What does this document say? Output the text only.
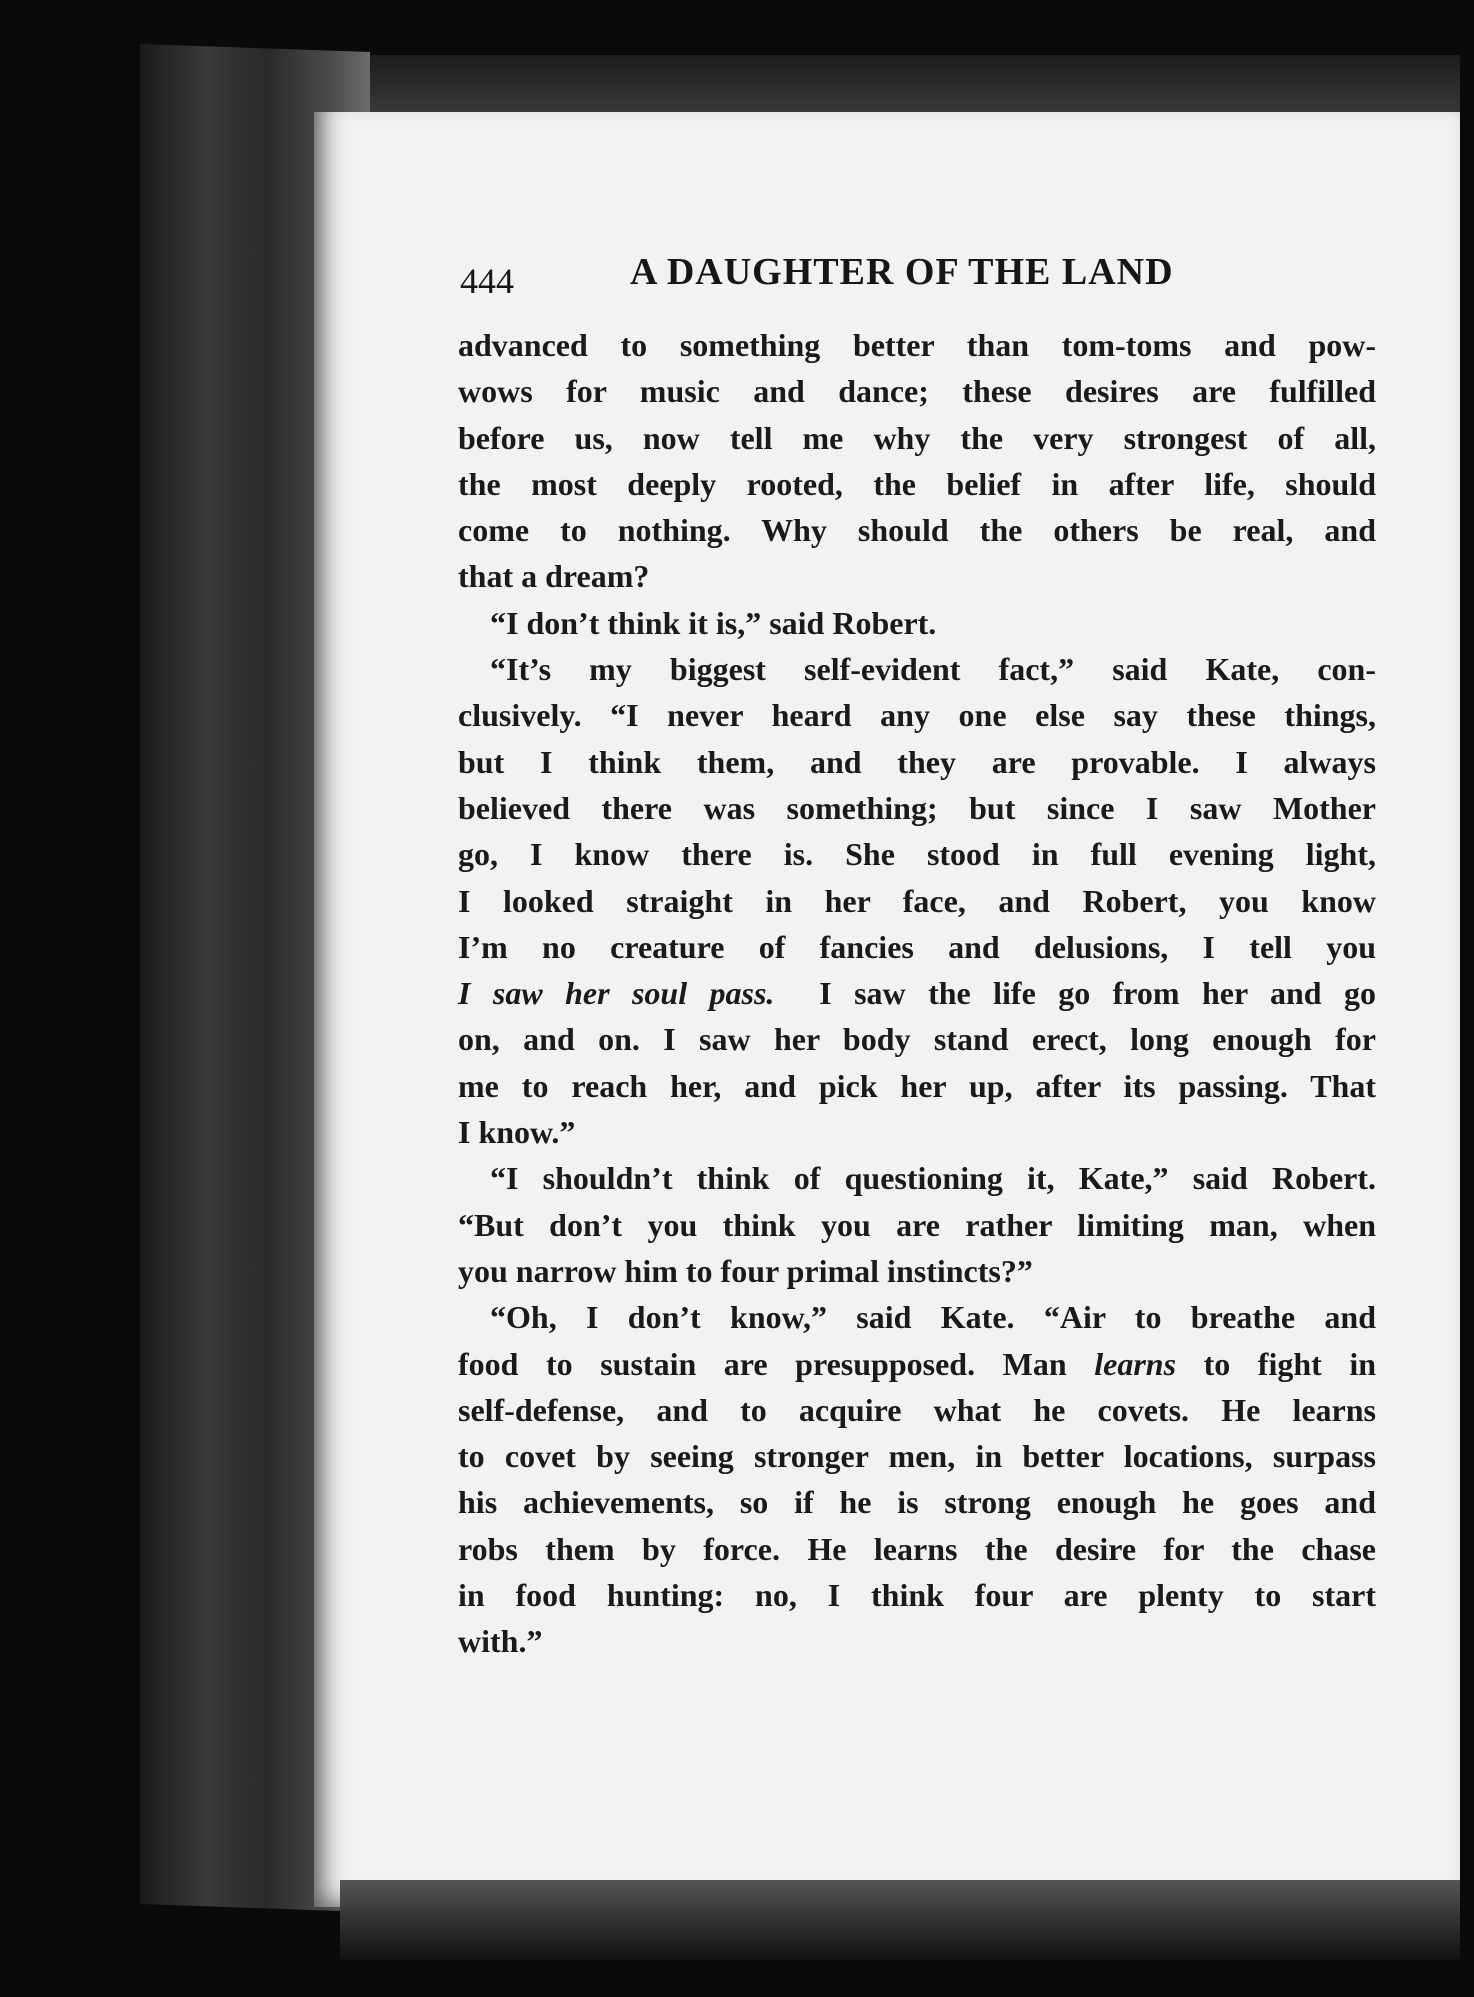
444	A DAUGHTER OF THE LAND
advanced to something better than tom-toms and pow-
wows for music and dance; these desires are fulfilled
before us, now tell me why the very strongest of all,
the most deeply rooted, the belief in after life, should
come to nothing. Why should the others be real, and
that a dream?
“I don’t think it is,” said Robert.
“It’s my biggest self-evident fact,” said Kate, con-
clusively. “I never heard any one else say these things,
but I think them, and they are provable. I always
believed there was something; but since I saw Mother
go, I know there is. She stood in full evening light,
I looked straight in her face, and Robert, you know
I’m no creature of fancies and delusions, I tell you
I saw her soul pass. I saw the life go from her and go
on, and on. I saw her body stand erect, long enough for
me to reach her, and pick her up, after its passing. That
I know.”
“I shouldn’t think of questioning it, Kate,” said Robert.
“But don’t you think you are rather limiting man, when
you narrow him to four primal instincts?”
“Oh, I don’t know,” said Kate. “Air to breathe and
food to sustain are presupposed. Man learns to fight in
self-defense, and to acquire what he covets. He learns
to covet by seeing stronger men, in better locations, surpass
his achievements, so if he is strong enough he goes and
robs them by force. He learns the desire for the chase
in food hunting: no, I think four are plenty to start
with.”
